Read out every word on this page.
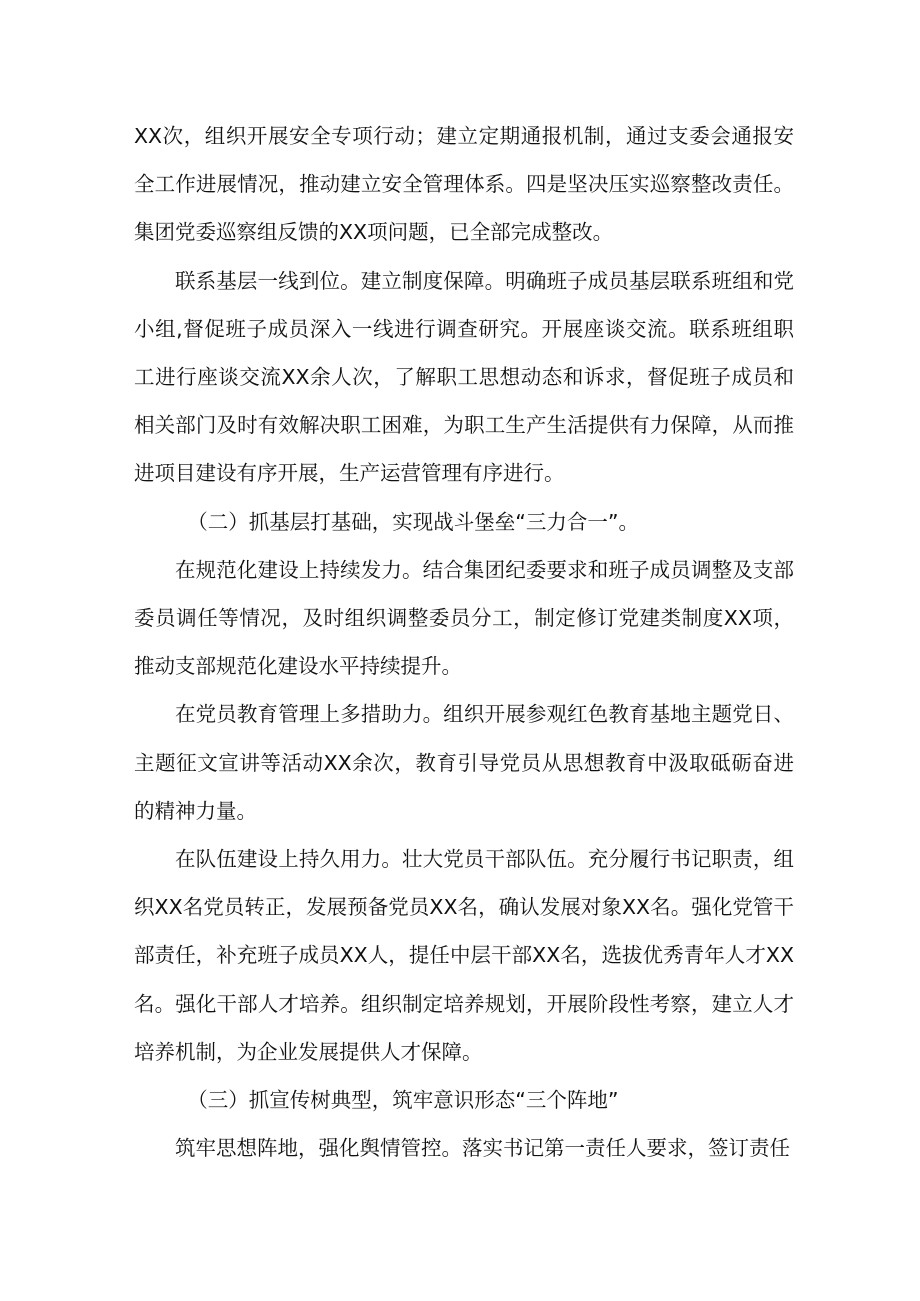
XX次，组织开展安全专项行动；建立定期通报机制，通过支委会通报安全工作进展情况，推动建立安全管理体系。四是坚决压实巡察整改责任。集团党委巡察组反馈的XX项问题，已全部完成整改。

联系基层一线到位。建立制度保障。明确班子成员基层联系班组和党小组,督促班子成员深入一线进行调查研究。开展座谈交流。联系班组职工进行座谈交流XX余人次，了解职工思想动态和诉求，督促班子成员和相关部门及时有效解决职工困难，为职工生产生活提供有力保障，从而推进项目建设有序开展，生产运营管理有序进行。

（二）抓基层打基础，实现战斗堡垒“三力合一”。

在规范化建设上持续发力。结合集团纪委要求和班子成员调整及支部委员调任等情况，及时组织调整委员分工，制定修订党建类制度XX项，推动支部规范化建设水平持续提升。

在党员教育管理上多措助力。组织开展参观红色教育基地主题党日、主题征文宣讲等活动XX余次，教育引导党员从思想教育中汲取砥砺奋进的精神力量。

在队伍建设上持久用力。壮大党员干部队伍。充分履行书记职责，组织XX名党员转正，发展预备党员XX名，确认发展对象XX名。强化党管干部责任，补充班子成员XX人，提任中层干部XX名，选拔优秀青年人才XX名。强化干部人才培养。组织制定培养规划，开展阶段性考察，建立人才培养机制，为企业发展提供人才保障。

（三）抓宣传树典型，筑牢意识形态“三个阵地”

筑牢思想阵地，强化舆情管控。落实书记第一责任人要求，签订责任
